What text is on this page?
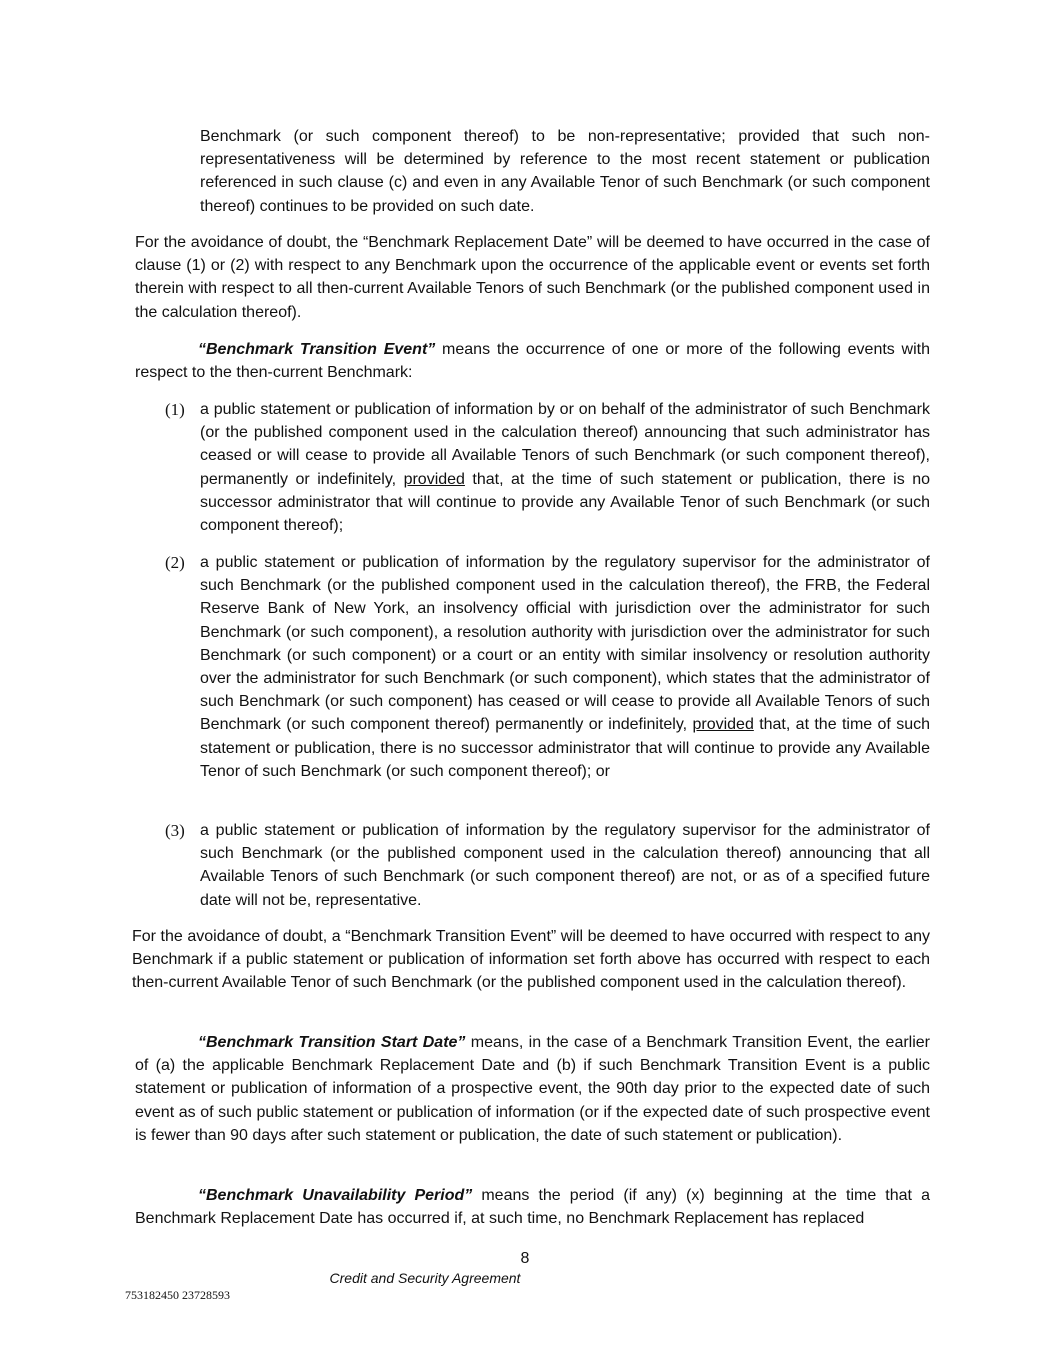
Benchmark (or such component thereof) to be non-representative; provided that such non-representativeness will be determined by reference to the most recent statement or publication referenced in such clause (c) and even in any Available Tenor of such Benchmark (or such component thereof) continues to be provided on such date.

For the avoidance of doubt, the “Benchmark Replacement Date” will be deemed to have occurred in the case of clause (1) or (2) with respect to any Benchmark upon the occurrence of the applicable event or events set forth therein with respect to all then-current Available Tenors of such Benchmark (or the published component used in the calculation thereof).

“Benchmark Transition Event” means the occurrence of one or more of the following events with respect to the then-current Benchmark:

(1) a public statement or publication of information by or on behalf of the administrator of such Benchmark (or the published component used in the calculation thereof) announcing that such administrator has ceased or will cease to provide all Available Tenors of such Benchmark (or such component thereof), permanently or indefinitely, provided that, at the time of such statement or publication, there is no successor administrator that will continue to provide any Available Tenor of such Benchmark (or such component thereof);

(2) a public statement or publication of information by the regulatory supervisor for the administrator of such Benchmark (or the published component used in the calculation thereof), the FRB, the Federal Reserve Bank of New York, an insolvency official with jurisdiction over the administrator for such Benchmark (or such component), a resolution authority with jurisdiction over the administrator for such Benchmark (or such component) or a court or an entity with similar insolvency or resolution authority over the administrator for such Benchmark (or such component), which states that the administrator of such Benchmark (or such component) has ceased or will cease to provide all Available Tenors of such Benchmark (or such component thereof) permanently or indefinitely, provided that, at the time of such statement or publication, there is no successor administrator that will continue to provide any Available Tenor of such Benchmark (or such component thereof); or

(3) a public statement or publication of information by the regulatory supervisor for the administrator of such Benchmark (or the published component used in the calculation thereof) announcing that all Available Tenors of such Benchmark (or such component thereof) are not, or as of a specified future date will not be, representative.

For the avoidance of doubt, a “Benchmark Transition Event” will be deemed to have occurred with respect to any Benchmark if a public statement or publication of information set forth above has occurred with respect to each then-current Available Tenor of such Benchmark (or the published component used in the calculation thereof).

“Benchmark Transition Start Date” means, in the case of a Benchmark Transition Event, the earlier of (a) the applicable Benchmark Replacement Date and (b) if such Benchmark Transition Event is a public statement or publication of information of a prospective event, the 90th day prior to the expected date of such event as of such public statement or publication of information (or if the expected date of such prospective event is fewer than 90 days after such statement or publication, the date of such statement or publication).

“Benchmark Unavailability Period” means the period (if any) (x) beginning at the time that a Benchmark Replacement Date has occurred if, at such time, no Benchmark Replacement has replaced

8
Credit and Security Agreement
753182450 23728593
